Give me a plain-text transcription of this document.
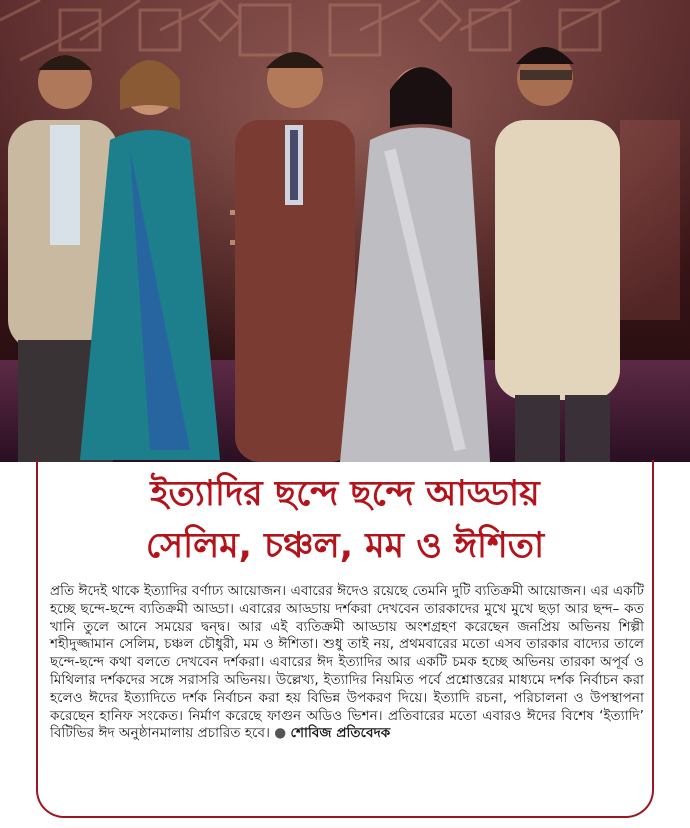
ইত্যাদির ছন্দে ছন্দে আড্ডায়
সেলিম, চঞ্চল, মম ও ঈশিতা

প্রতি ঈদেই থাকে ইত্যাদির বর্ণাঢ্য আয়োজন। এবারের ঈদেও রয়েছে তেমনি দুটি ব্যতিক্রমী আয়োজন। এর একটি হচ্ছে ছন্দে-ছন্দে ব্যতিক্রমী আড্ডা। এবারের আড্ডায় দর্শকরা দেখবেন তারকাদের মুখে মুখে ছড়া আর ছন্দ– কত খানি তুলে আনে সময়ের দ্বন্দ্ব। আর এই ব্যতিক্রমী আড্ডায় অংশগ্রহণ করেছেন জনপ্রিয় অভিনয় শিল্পী শহীদুজ্জামান সেলিম, চঞ্চল চৌধুরী, মম ও ঈশিতা। শুধু তাই নয়, প্রথমবারের মতো এসব তারকার বাদ্যের তালে ছন্দে-ছন্দে কথা বলতে দেখবেন দর্শকরা। এবারের ঈদ ইত্যাদির আর একটি চমক হচ্ছে অভিনয় তারকা অপূর্ব ও মিথিলার দর্শকদের সঙ্গে সরাসরি অভিনয়। উল্লেখ্য, ইত্যাদির নিয়মিত পর্বে প্রশ্নোত্তরের মাধ্যমে দর্শক নির্বাচন করা হলেও ঈদের ইত্যাদিতে দর্শক নির্বাচন করা হয় বিভিন্ন উপকরণ দিয়ে। ইত্যাদি রচনা, পরিচালনা ও উপস্থাপনা করেছেন হানিফ সংকেত। নির্মাণ করেছে ফাগুন অডিও ভিশন। প্রতিবারের মতো এবারও ঈদের বিশেষ ‘ইত্যাদি’ বিটিভির ঈদ অনুষ্ঠানমালায় প্রচারিত হবে। ● শোবিজ প্রতিবেদক
